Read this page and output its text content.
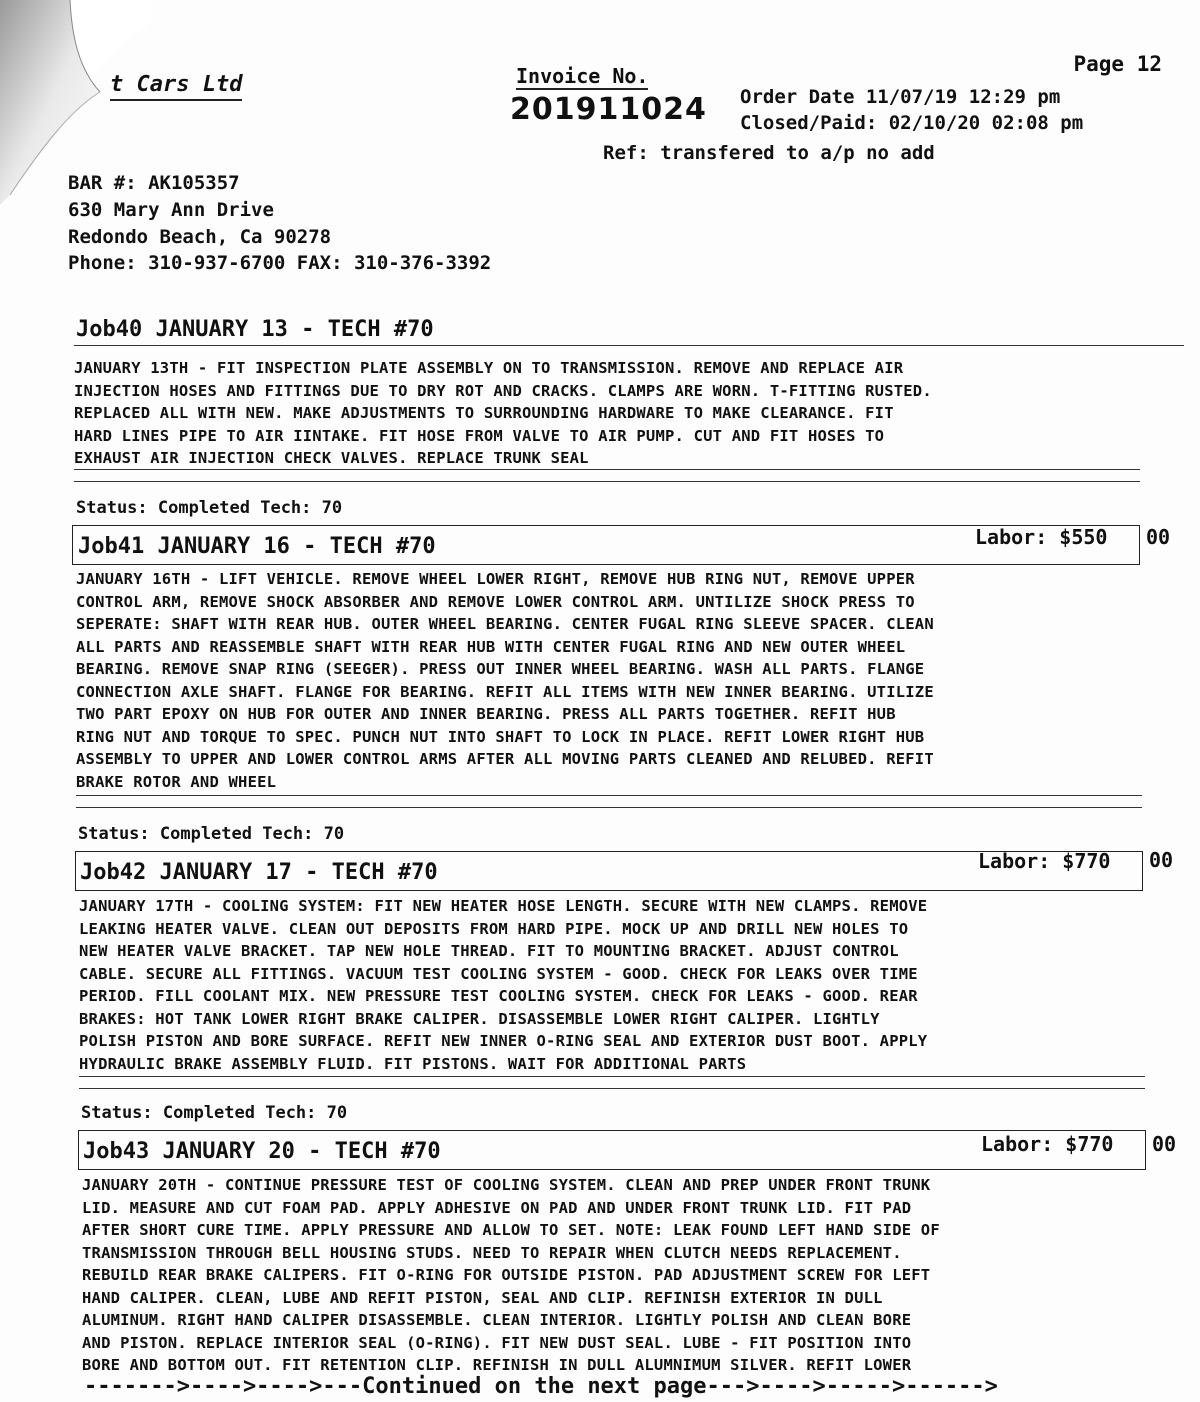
t Cars Ltd	Invoice No.
201911024
Page 12
Order Date 11/07/19 12:29 pm
Closed/Paid: 02/10/20 02:08 pm
Ref: transfered to a/p no add
BAR #: AK105357
630 Mary Ann Drive
Redondo Beach, Ca 90278
Phone: 310-937-6700 FAX: 310-376-3392
Job40 JANUARY 13 - TECH #70
JANUARY 13TH - FIT INSPECTION PLATE ASSEMBLY ON TO TRANSMISSION. REMOVE AND REPLACE AIR
INJECTION HOSES AND FITTINGS DUE TO DRY ROT AND CRACKS. CLAMPS ARE WORN. T-FITTING RUSTED.
REPLACED ALL WITH NEW. MAKE ADJUSTMENTS TO SURROUNDING HARDWARE TO MAKE CLEARANCE. FIT
HARD LINES PIPE TO AIR IINTAKE. FIT HOSE FROM VALVE TO AIR PUMP. CUT AND FIT HOSES TO
EXHAUST AIR INJECTION CHECK VALVES. REPLACE TRUNK SEAL
Status: Completed Tech: 70
Job41 JANUARY 16 - TECH #70	Labor: $550 00
JANUARY 16TH - LIFT VEHICLE. REMOVE WHEEL LOWER RIGHT, REMOVE HUB RING NUT, REMOVE UPPER
CONTROL ARM, REMOVE SHOCK ABSORBER AND REMOVE LOWER CONTROL ARM. UNTILIZE SHOCK PRESS TO
SEPERATE: SHAFT WITH REAR HUB. OUTER WHEEL BEARING. CENTER FUGAL RING SLEEVE SPACER. CLEAN
ALL PARTS AND REASSEMBLE SHAFT WITH REAR HUB WITH CENTER FUGAL RING AND NEW OUTER WHEEL
BEARING. REMOVE SNAP RING (SEEGER). PRESS OUT INNER WHEEL BEARING. WASH ALL PARTS. FLANGE
CONNECTION AXLE SHAFT. FLANGE FOR BEARING. REFIT ALL ITEMS WITH NEW INNER BEARING. UTILIZE
TWO PART EPOXY ON HUB FOR OUTER AND INNER BEARING. PRESS ALL PARTS TOGETHER. REFIT HUB
RING NUT AND TORQUE TO SPEC. PUNCH NUT INTO SHAFT TO LOCK IN PLACE. REFIT LOWER RIGHT HUB
ASSEMBLY TO UPPER AND LOWER CONTROL ARMS AFTER ALL MOVING PARTS CLEANED AND RELUBED. REFIT
BRAKE ROTOR AND WHEEL
Status: Completed Tech: 70
Job42 JANUARY 17 - TECH #70	Labor: $770 00
JANUARY 17TH - COOLING SYSTEM: FIT NEW HEATER HOSE LENGTH. SECURE WITH NEW CLAMPS. REMOVE
LEAKING HEATER VALVE. CLEAN OUT DEPOSITS FROM HARD PIPE. MOCK UP AND DRILL NEW HOLES TO
NEW HEATER VALVE BRACKET. TAP NEW HOLE THREAD. FIT TO MOUNTING BRACKET. ADJUST CONTROL
CABLE. SECURE ALL FITTINGS. VACUUM TEST COOLING SYSTEM - GOOD. CHECK FOR LEAKS OVER TIME
PERIOD. FILL COOLANT MIX. NEW PRESSURE TEST COOLING SYSTEM. CHECK FOR LEAKS - GOOD. REAR
BRAKES: HOT TANK LOWER RIGHT BRAKE CALIPER. DISASSEMBLE LOWER RIGHT CALIPER. LIGHTLY
POLISH PISTON AND BORE SURFACE. REFIT NEW INNER O-RING SEAL AND EXTERIOR DUST BOOT. APPLY
HYDRAULIC BRAKE ASSEMBLY FLUID. FIT PISTONS. WAIT FOR ADDITIONAL PARTS
Status: Completed Tech: 70
Job43 JANUARY 20 - TECH #70	Labor: $770 00
JANUARY 20TH - CONTINUE PRESSURE TEST OF COOLING SYSTEM. CLEAN AND PREP UNDER FRONT TRUNK
LID. MEASURE AND CUT FOAM PAD. APPLY ADHESIVE ON PAD AND UNDER FRONT TRUNK LID. FIT PAD
AFTER SHORT CURE TIME. APPLY PRESSURE AND ALLOW TO SET. NOTE: LEAK FOUND LEFT HAND SIDE OF
TRANSMISSION THROUGH BELL HOUSING STUDS. NEED TO REPAIR WHEN CLUTCH NEEDS REPLACEMENT.
REBUILD REAR BRAKE CALIPERS. FIT O-RING FOR OUTSIDE PISTON. PAD ADJUSTMENT SCREW FOR LEFT
HAND CALIPER. CLEAN, LUBE AND REFIT PISTON, SEAL AND CLIP. REFINISH EXTERIOR IN DULL
ALUMINUM. RIGHT HAND CALIPER DISASSEMBLE. CLEAN INTERIOR. LIGHTLY POLISH AND CLEAN BORE
AND PISTON. REPLACE INTERIOR SEAL (O-RING). FIT NEW DUST SEAL. LUBE - FIT POSITION INTO
BORE AND BOTTOM OUT. FIT RETENTION CLIP. REFINISH IN DULL ALUMNIMUM SILVER. REFIT LOWER
------->---->---->---Continued on the next page--->---->----->------>
